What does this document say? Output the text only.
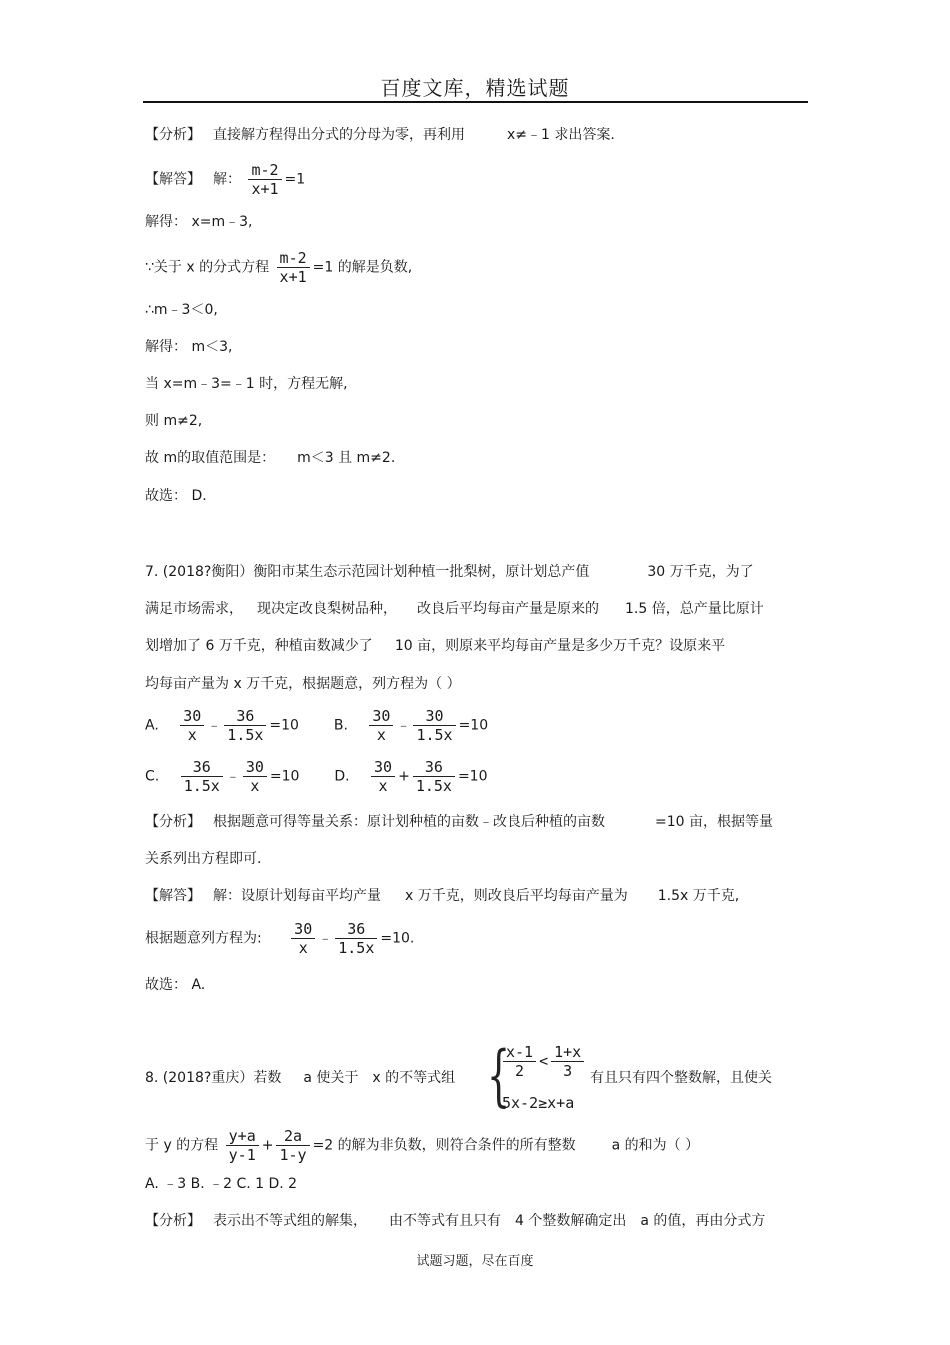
百度文库，精选试题
【分析】 直接解方程得出分式的分母为零，再利用	x≠﹣1 求出答案.
【解答】 解： $\frac{m-2}{x+1} =1$
解得： x=m﹣3,
∵关于 x 的分式方程 $\frac{m-2}{x+1} =1$ 的解是负数,
∴m﹣3＜0,
解得： m＜3,
当 x=m﹣3=﹣1 时，方程无解,
则 m≠2,
故 m的取值范围是： m＜3 且 m≠2.
故选： D.
7. (2018?衡阳）衡阳市某生态示范园计划种植一批梨树，原计划总产值	30 万千克，为了
满足市场需求， 现决定改良梨树品种， 改良后平均每亩产量是原来的 1.5 倍，总产量比原计
划增加了 6 万千克，种植亩数减少了 10 亩，则原来平均每亩产量是多少万千克？设原来平
均每亩产量为 x 万千克，根据题意，列方程为（ ）
A. $\frac{30}{x}$ ﹣ $\frac{36}{1.5x} =10$ B. $\frac{30}{x}$ ﹣ $\frac{30}{1.5x} =10$
C. $\frac{36}{1.5x}$ ﹣ $\frac{30}{x} =10$ D. $\frac{30}{x} + \frac{36}{1.5x} =10$
【分析】 根据题意可得等量关系：原计划种植的亩数﹣改良后种植的亩数	=10 亩，根据等量
关系列出方程即可.
【解答】 解：设原计划每亩平均产量 x 万千克，则改良后平均每亩产量为 1.5x 万千克,
根据题意列方程为: $\frac{30}{x}$ ﹣ $\frac{36}{1.5x} =10$.
故选： A.
8. (2018?重庆）若数 a 使关于 x 的不等式组 {
$\frac{x-1}{2} < \frac{1+x}{3}$
5x-2≥x+a
有且只有四个整数解，且使关
于 y 的方程 $\frac{y+a}{y-1} + \frac{2a}{1-y} =2$ 的解为非负数，则符合条件的所有整数	a 的和为（ ）
A. ﹣3 B. ﹣2 C. 1 D. 2
【分析】 表示出不等式组的解集， 由不等式有且只有 4 个整数解确定出 a 的值，再由分式方
试题习题，尽在百度
